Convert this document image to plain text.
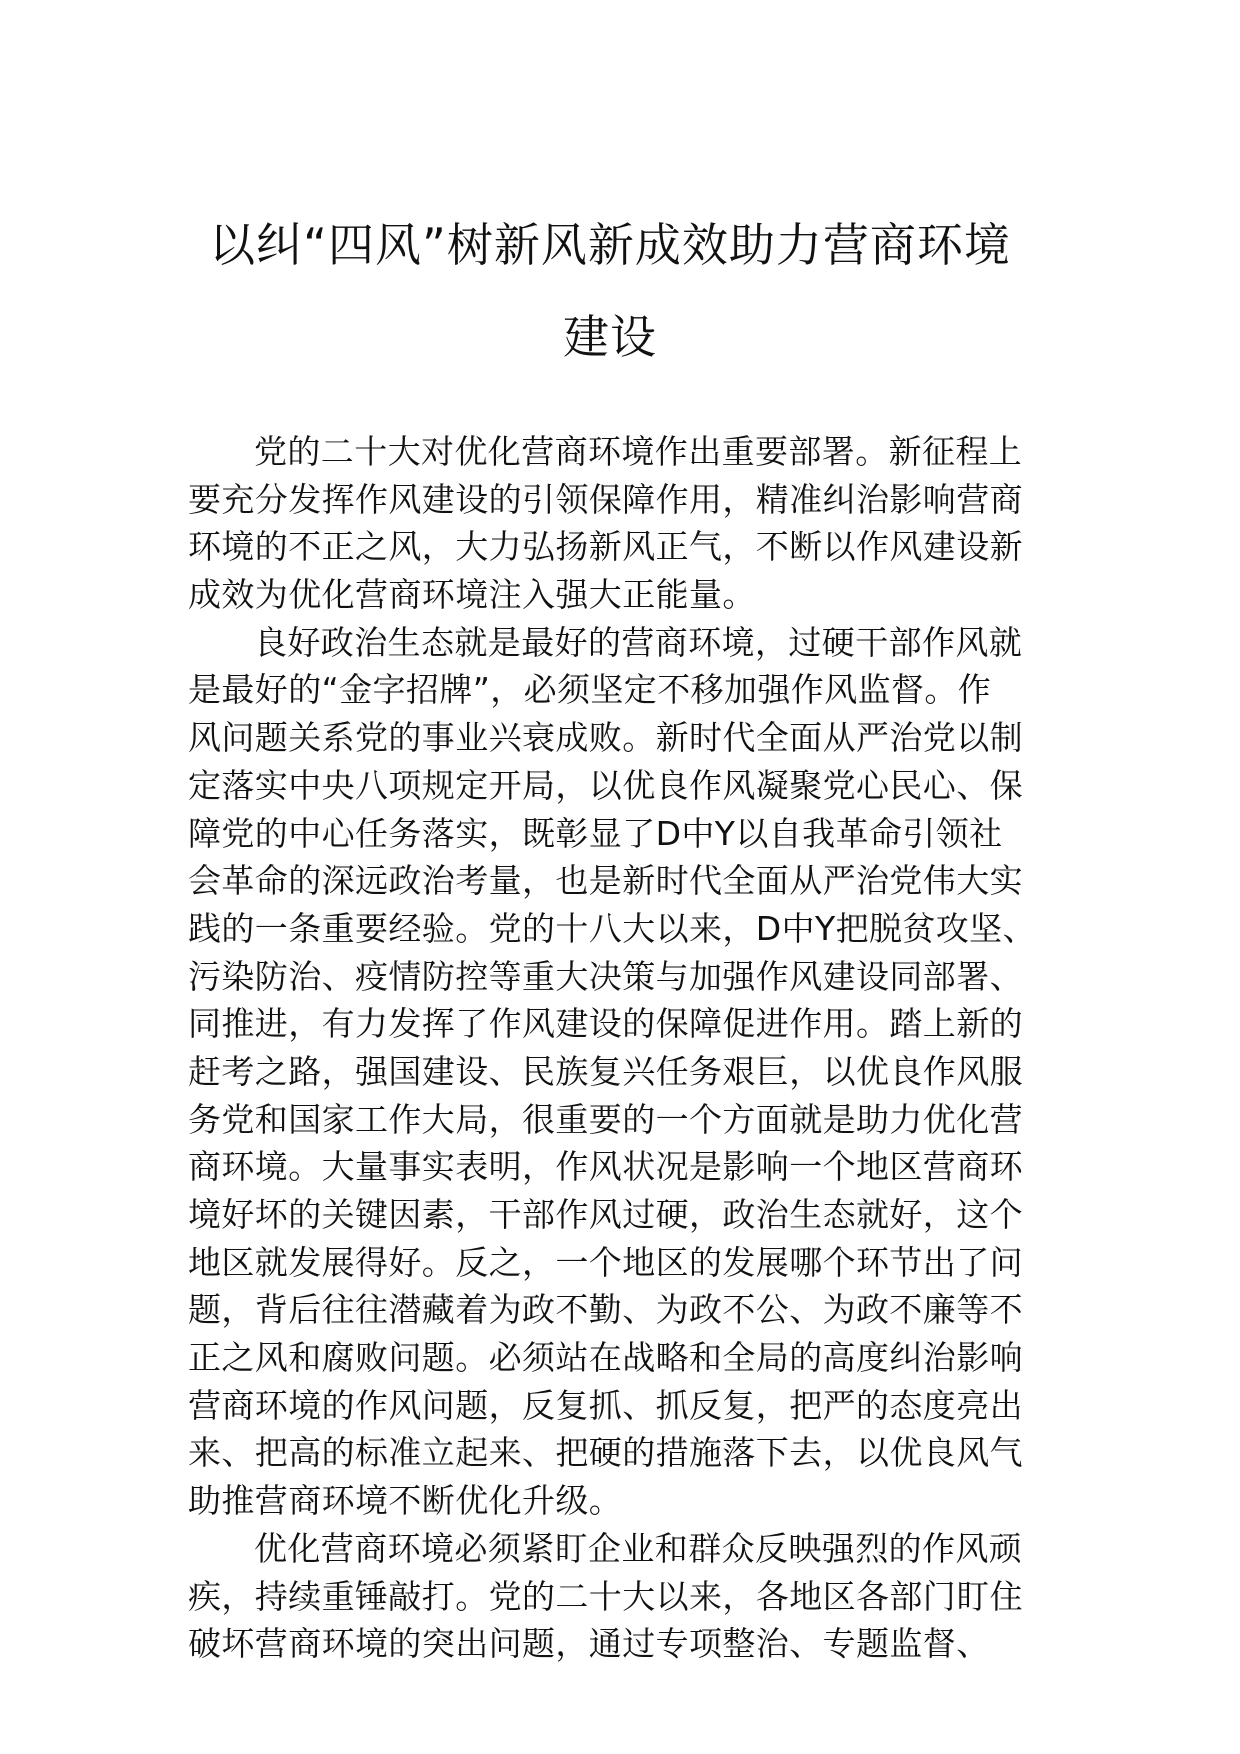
以纠“四风”树新风新成效助力营商环境
建设
党的二十大对优化营商环境作出重要部署。新征程上
要充分发挥作风建设的引领保障作用，精准纠治影响营商
环境的不正之风，大力弘扬新风正气，不断以作风建设新
成效为优化营商环境注入强大正能量。
良好政治生态就是最好的营商环境，过硬干部作风就
是最好的“金字招牌”，必须坚定不移加强作风监督。作
风问题关系党的事业兴衰成败。新时代全面从严治党以制
定落实中央八项规定开局，以优良作风凝聚党心民心、保
障党的中心任务落实，既彰显了D中Y以自我革命引领社
会革命的深远政治考量，也是新时代全面从严治党伟大实
践的一条重要经验。党的十八大以来，D中Y把脱贫攻坚、
污染防治、疫情防控等重大决策与加强作风建设同部署、
同推进，有力发挥了作风建设的保障促进作用。踏上新的
赶考之路，强国建设、民族复兴任务艰巨，以优良作风服
务党和国家工作大局，很重要的一个方面就是助力优化营
商环境。大量事实表明，作风状况是影响一个地区营商环
境好坏的关键因素，干部作风过硬，政治生态就好，这个
地区就发展得好。反之，一个地区的发展哪个环节出了问
题，背后往往潜藏着为政不勤、为政不公、为政不廉等不
正之风和腐败问题。必须站在战略和全局的高度纠治影响
营商环境的作风问题，反复抓、抓反复，把严的态度亮出
来、把高的标准立起来、把硬的措施落下去，以优良风气
助推营商环境不断优化升级。
优化营商环境必须紧盯企业和群众反映强烈的作风顽
疾，持续重锤敲打。党的二十大以来，各地区各部门盯住
破坏营商环境的突出问题，通过专项整治、专题监督、
